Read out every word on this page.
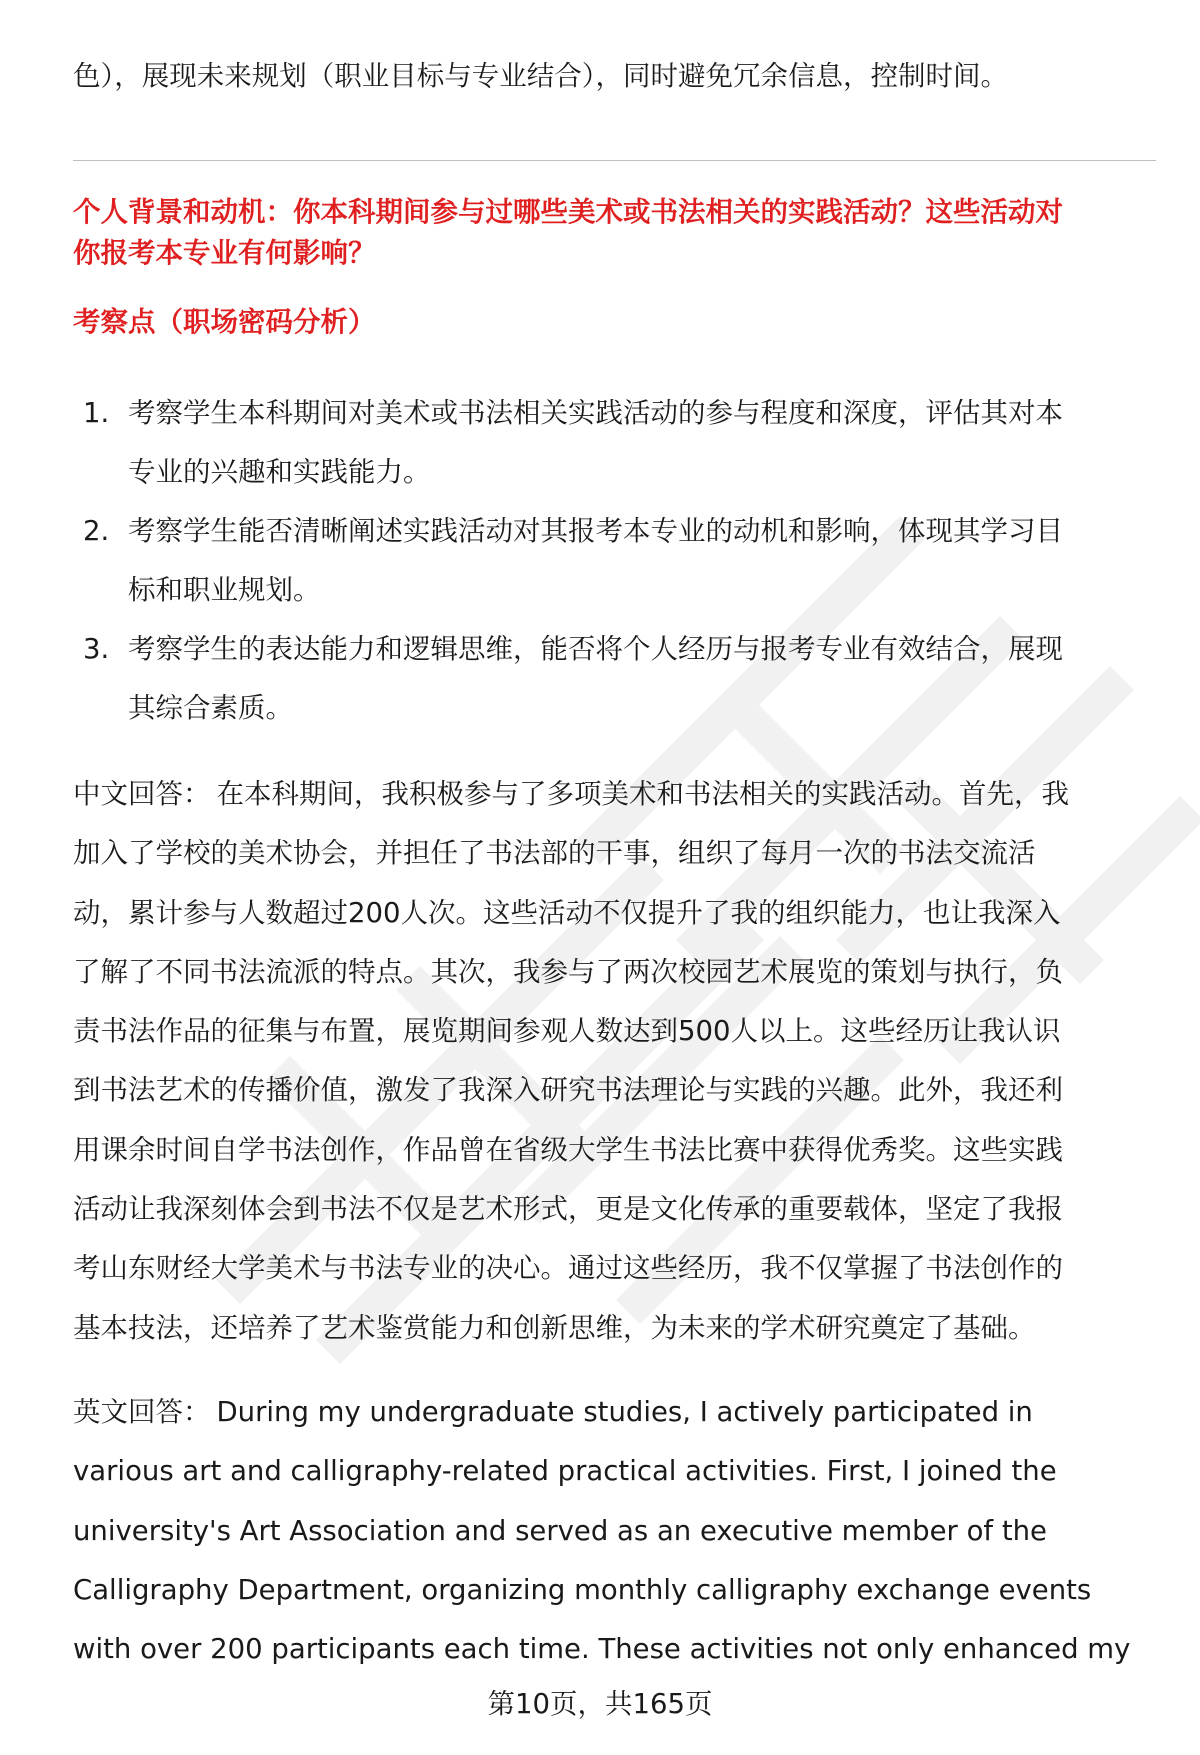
色），展现未来规划（职业目标与专业结合），同时避免冗余信息，控制时间。
个人背景和动机：你本科期间参与过哪些美术或书法相关的实践活动？这些活动对
你报考本专业有何影响？
考察点（职场密码分析）
1. 考察学生本科期间对美术或书法相关实践活动的参与程度和深度，评估其对本
专业的兴趣和实践能力。
2. 考察学生能否清晰阐述实践活动对其报考本专业的动机和影响，体现其学习目
标和职业规划。
3. 考察学生的表达能力和逻辑思维，能否将个人经历与报考专业有效结合，展现
其综合素质。
中文回答： 在本科期间，我积极参与了多项美术和书法相关的实践活动。首先，我
加入了学校的美术协会，并担任了书法部的干事，组织了每月一次的书法交流活
动，累计参与人数超过200人次。这些活动不仅提升了我的组织能力，也让我深入
了解了不同书法流派的特点。其次，我参与了两次校园艺术展览的策划与执行，负
责书法作品的征集与布置，展览期间参观人数达到500人以上。这些经历让我认识
到书法艺术的传播价值，激发了我深入研究书法理论与实践的兴趣。此外，我还利
用课余时间自学书法创作，作品曾在省级大学生书法比赛中获得优秀奖。这些实践
活动让我深刻体会到书法不仅是艺术形式，更是文化传承的重要载体，坚定了我报
考山东财经大学美术与书法专业的决心。通过这些经历，我不仅掌握了书法创作的
基本技法，还培养了艺术鉴赏能力和创新思维，为未来的学术研究奠定了基础。
英文回答： During my undergraduate studies, I actively participated in
various art and calligraphy-related practical activities. First, I joined the
university's Art Association and served as an executive member of the
Calligraphy Department, organizing monthly calligraphy exchange events
with over 200 participants each time. These activities not only enhanced my
第10页，共165页
